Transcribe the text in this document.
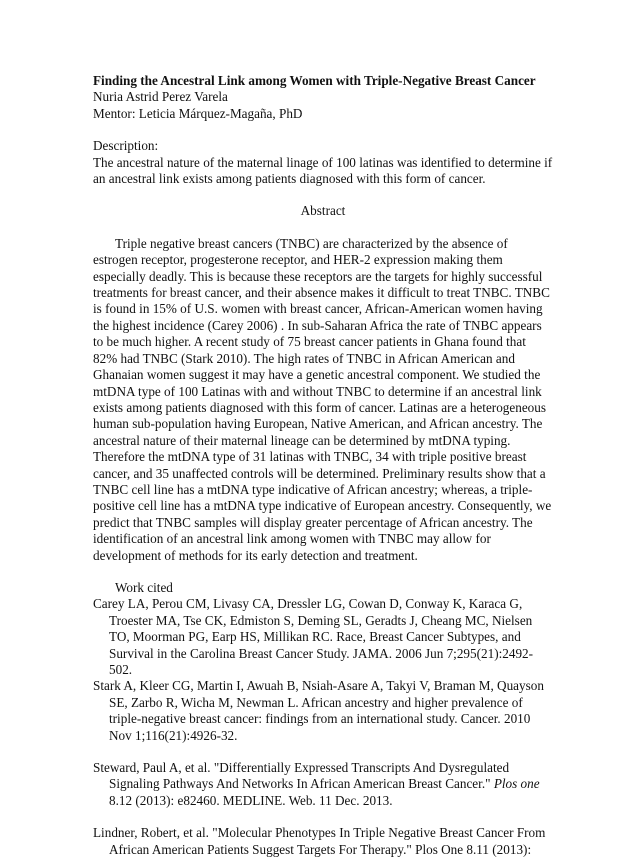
Finding the Ancestral Link among Women with Triple-Negative Breast Cancer

Nuria Astrid Perez Varela

Mentor: Leticia Márquez-Magaña, PhD

Description:

The ancestral nature of the maternal linage of 100 latinas was identified to determine if an ancestral link exists among patients diagnosed with this form of cancer.

Abstract

Triple negative breast cancers (TNBC) are characterized by the absence of estrogen receptor, progesterone receptor, and HER-2 expression making them especially deadly. This is because these receptors are the targets for highly successful treatments for breast cancer, and their absence makes it difficult to treat TNBC. TNBC is found in 15% of U.S. women with breast cancer, African-American women having the highest incidence (Carey 2006) . In sub-Saharan Africa the rate of TNBC appears to be much higher. A recent study of 75 breast cancer patients in Ghana found that 82% had TNBC (Stark 2010). The high rates of TNBC in African American and Ghanaian women suggest it may have a genetic ancestral component. We studied the mtDNA type of 100 Latinas with and without TNBC to determine if an ancestral link exists among patients diagnosed with this form of cancer. Latinas are a heterogeneous human sub-population having European, Native American, and African ancestry. The ancestral nature of their maternal lineage can be determined by mtDNA typing. Therefore the mtDNA type of 31 latinas with TNBC, 34 with triple positive breast cancer, and 35 unaffected controls will be determined. Preliminary results show that a TNBC cell line has a mtDNA type indicative of African ancestry; whereas, a triple-positive cell line has a mtDNA type indicative of European ancestry. Consequently, we predict that TNBC samples will display greater percentage of African ancestry. The identification of an ancestral link among women with TNBC may allow for development of methods for its early detection and treatment.

Work cited

Carey LA, Perou CM, Livasy CA, Dressler LG, Cowan D, Conway K, Karaca G, Troester MA, Tse CK, Edmiston S, Deming SL, Geradts J, Cheang MC, Nielsen TO, Moorman PG, Earp HS, Millikan RC. Race, Breast Cancer Subtypes, and Survival in the Carolina Breast Cancer Study. JAMA. 2006 Jun 7;295(21):2492-502.

Stark A, Kleer CG, Martin I, Awuah B, Nsiah-Asare A, Takyi V, Braman M, Quayson SE, Zarbo R, Wicha M, Newman L. African ancestry and higher prevalence of triple-negative breast cancer: findings from an international study. Cancer. 2010 Nov 1;116(21):4926-32.

Steward, Paul A, et al. "Differentially Expressed Transcripts And Dysregulated Signaling Pathways And Networks In African American Breast Cancer." Plos one 8.12 (2013): e82460. MEDLINE. Web. 11 Dec. 2013.

Lindner, Robert, et al. "Molecular Phenotypes In Triple Negative Breast Cancer From African American Patients Suggest Targets For Therapy." Plos One 8.11 (2013):
